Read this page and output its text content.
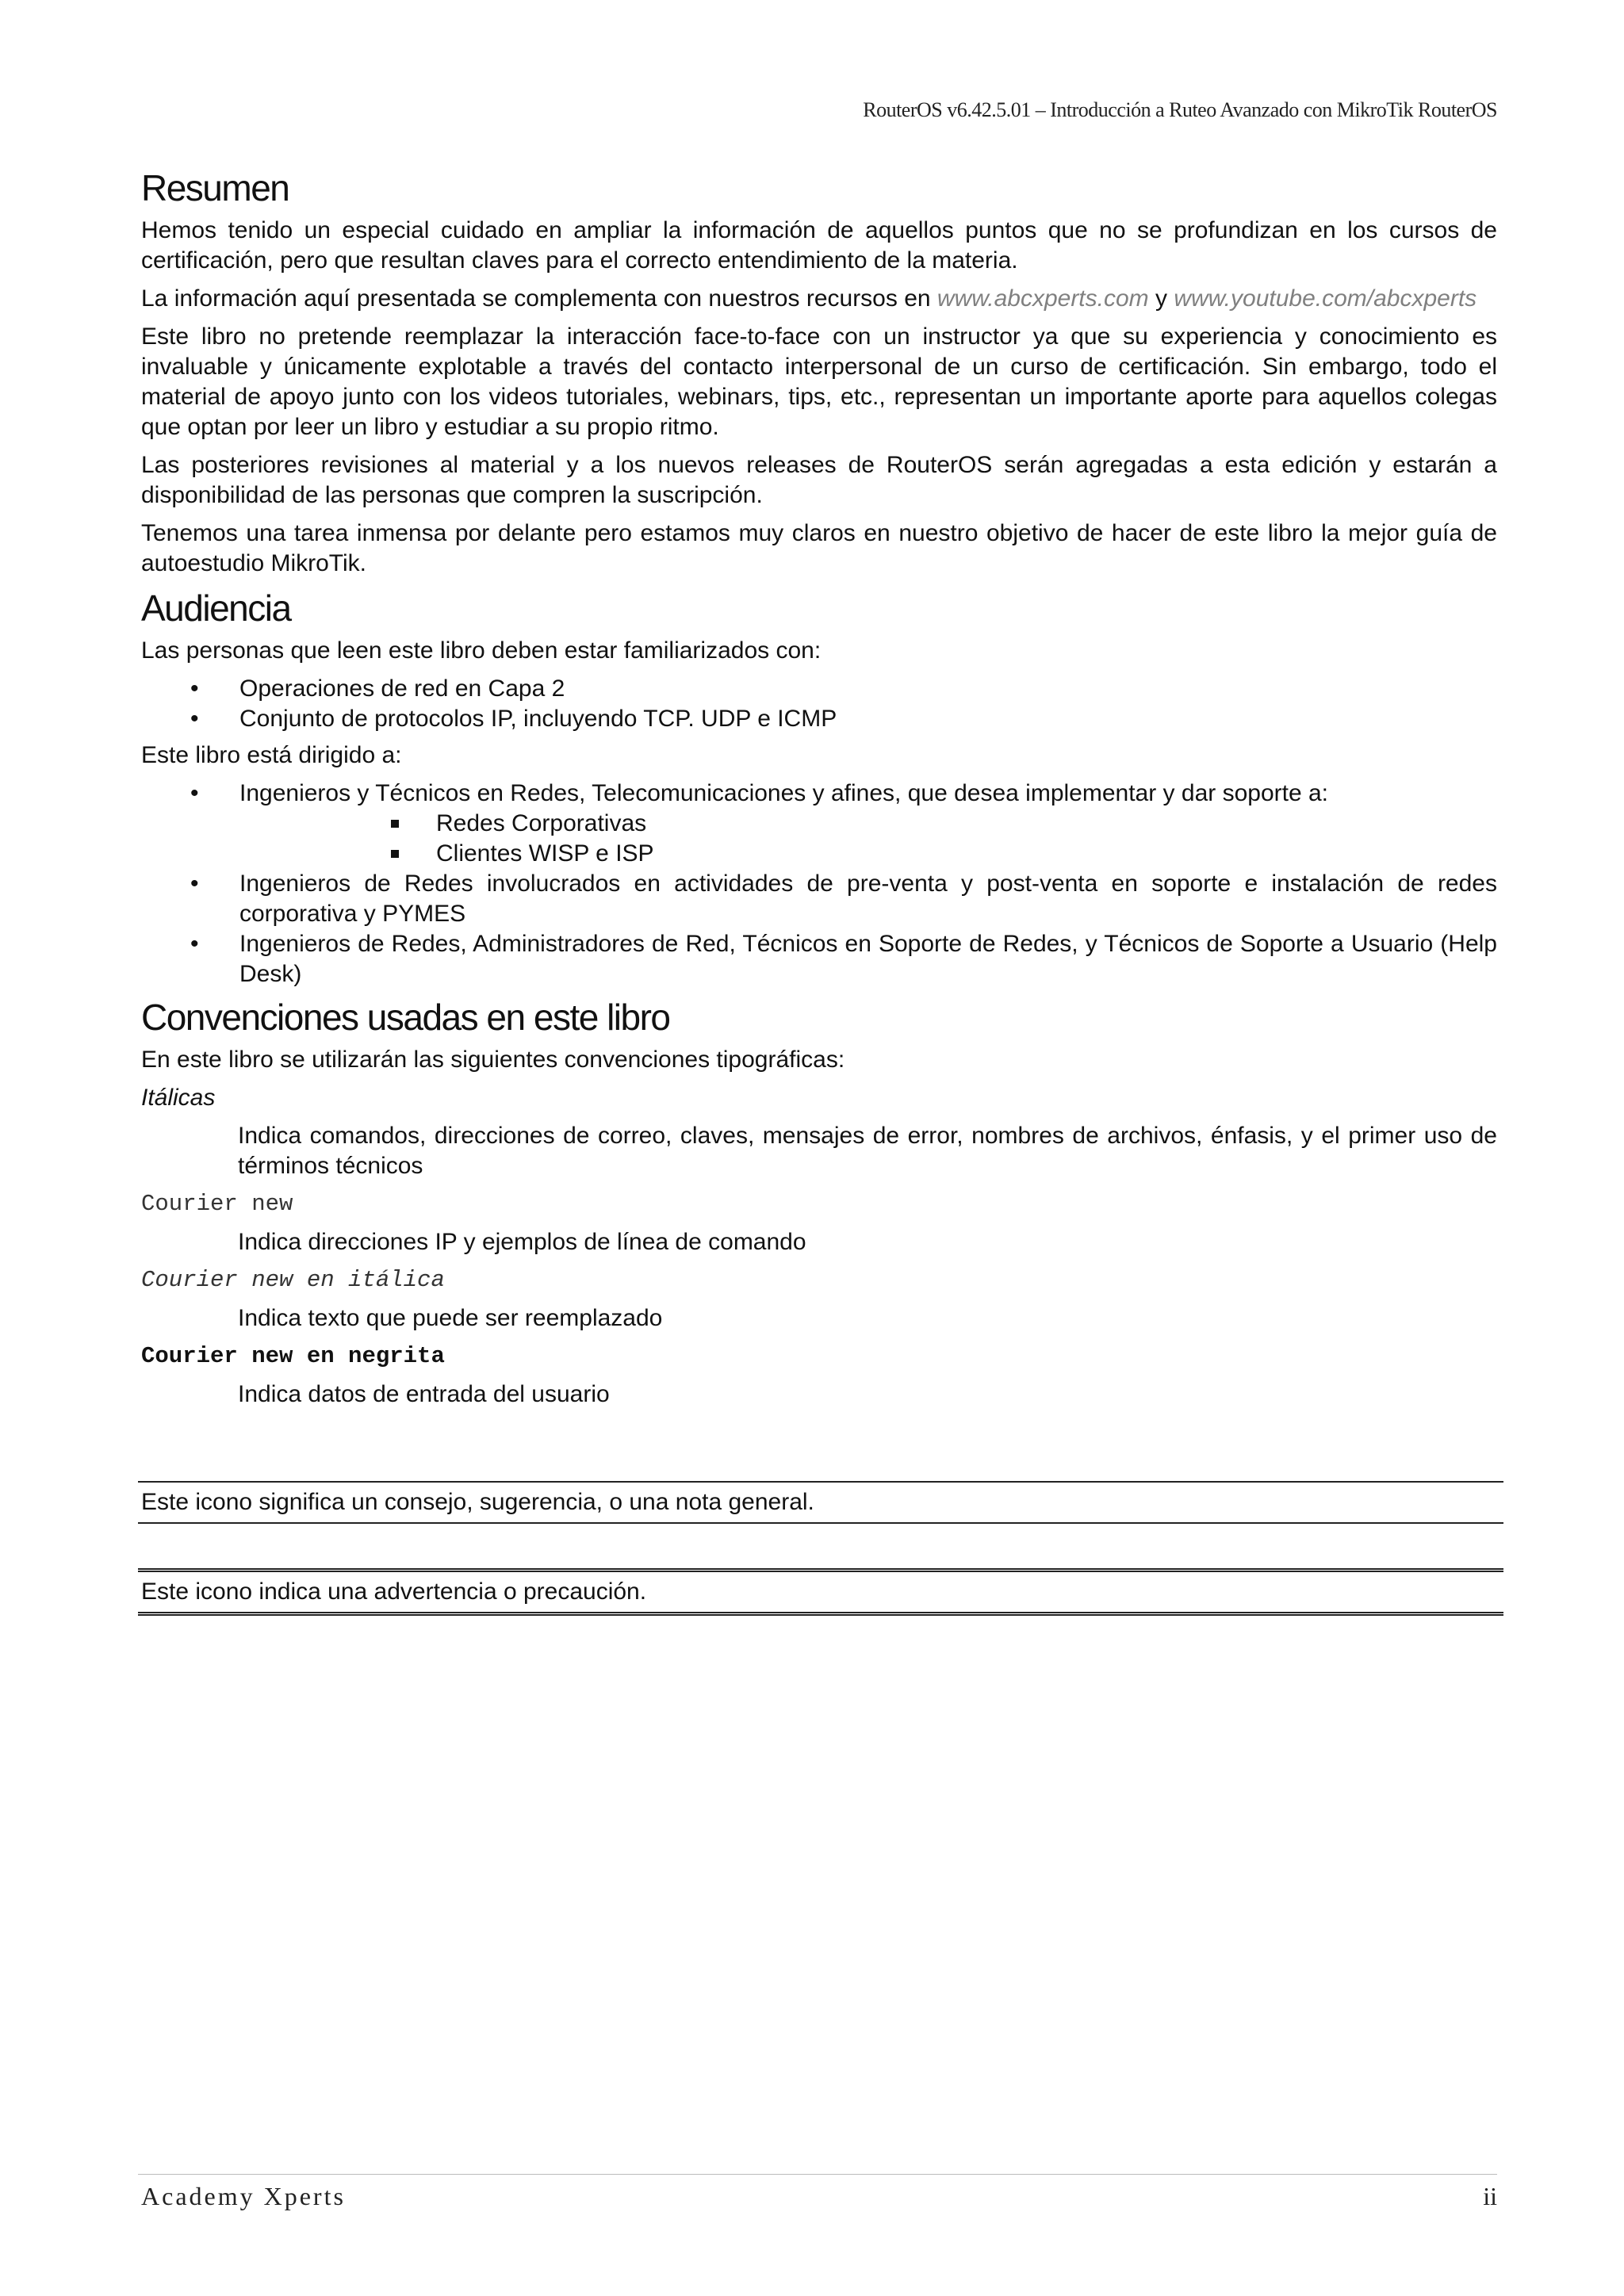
RouterOS v6.42.5.01 – Introducción a Ruteo Avanzado con MikroTik RouterOS
Resumen

Hemos tenido un especial cuidado en ampliar la información de aquellos puntos que no se profundizan en los cursos de certificación, pero que resultan claves para el correcto entendimiento de la materia.

La información aquí presentada se complementa con nuestros recursos en www.abcxperts.com y www.youtube.com/abcxperts

Este libro no pretende reemplazar la interacción face-to-face con un instructor ya que su experiencia y conocimiento es invaluable y únicamente explotable a través del contacto interpersonal de un curso de certificación. Sin embargo, todo el material de apoyo junto con los videos tutoriales, webinars, tips, etc., representan un importante aporte para aquellos colegas que optan por leer un libro y estudiar a su propio ritmo.

Las posteriores revisiones al material y a los nuevos releases de RouterOS serán agregadas a esta edición y estarán a disponibilidad de las personas que compren la suscripción.

Tenemos una tarea inmensa por delante pero estamos muy claros en nuestro objetivo de hacer de este libro la mejor guía de autoestudio MikroTik.

Audiencia

Las personas que leen este libro deben estar familiarizados con:

• Operaciones de red en Capa 2
• Conjunto de protocolos IP, incluyendo TCP. UDP e ICMP

Este libro está dirigido a:

• Ingenieros y Técnicos en Redes, Telecomunicaciones y afines, que desea implementar y dar soporte a:
Redes Corporativas
Clientes WISP e ISP
• Ingenieros de Redes involucrados en actividades de pre-venta y post-venta en soporte e instalación de redes corporativa y PYMES
• Ingenieros de Redes, Administradores de Red, Técnicos en Soporte de Redes, y Técnicos de Soporte a Usuario (Help Desk)
Convenciones usadas en este libro

En este libro se utilizarán las siguientes convenciones tipográficas:

Itálicas
Indica comandos, direcciones de correo, claves, mensajes de error, nombres de archivos, énfasis, y el primer uso de términos técnicos
Courier new
Indica direcciones IP y ejemplos de línea de comando
Courier new en itálica
Indica texto que puede ser reemplazado
Courier new en negrita
Indica datos de entrada del usuario
Este icono significa un consejo, sugerencia, o una nota general.
Este icono indica una advertencia o precaución.
Academy Xperts	ii
